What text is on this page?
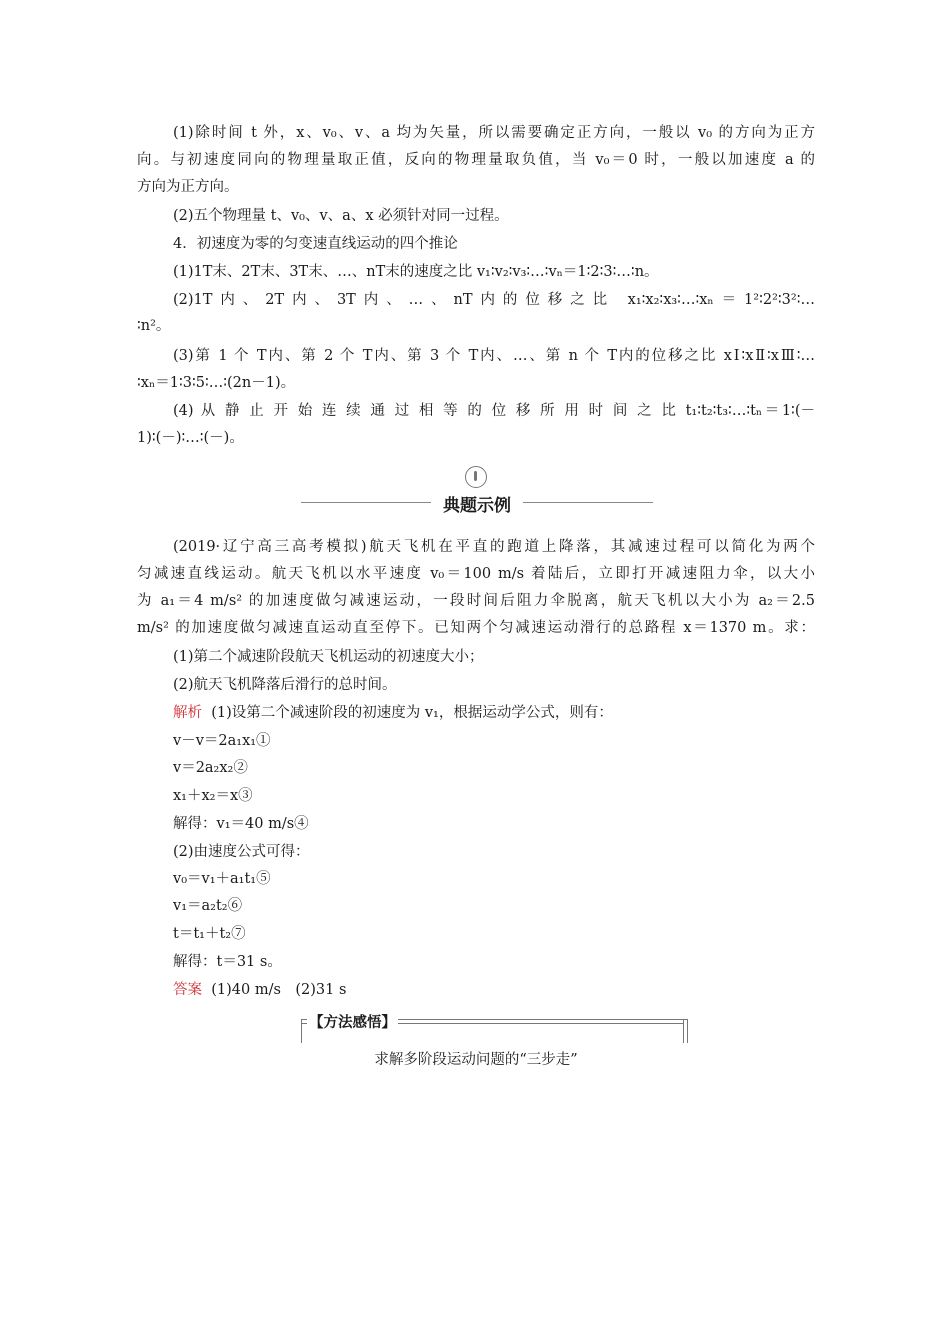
(1)除时间 t 外，x、v₀、v、a 均为矢量，所以需要确定正方向，一般以 v₀ 的方向为正方
向。与初速度同向的物理量取正值，反向的物理量取负值，当 v₀＝0 时，一般以加速度 a 的
方向为正方向。
(2)五个物理量 t、v₀、v、a、x 必须针对同一过程。
4．初速度为零的匀变速直线运动的四个推论
(1)1T末、2T末、3T末、…、nT末的速度之比 v₁∶v₂∶v₃∶…∶vₙ＝1∶2∶3∶…∶n。
(2)1T内、2T内、3T内、…、nT内的位移之比 x₁∶x₂∶x₃∶…∶xₙ＝1²∶2²∶3²∶…
∶n²。
(3)第 1 个 T内、第 2 个 T内、第 3 个 T内、…、第 n 个 T内的位移之比 xⅠ∶xⅡ∶xⅢ∶…
∶xₙ＝1∶3∶5∶…∶(2n－1)。
(4) 从 静 止 开 始 连 续 通 过 相 等 的 位 移 所 用 时 间 之 比 t₁∶t₂∶t₃∶…∶tₙ＝1∶(－
1)∶(－)∶…∶(－)。
典题示例
(2019·辽宁高三高考模拟)航天飞机在平直的跑道上降落，其减速过程可以简化为两个
匀减速直线运动。航天飞机以水平速度 v₀＝100 m/s 着陆后，立即打开减速阻力伞，以大小
为 a₁＝4 m/s² 的加速度做匀减速运动，一段时间后阻力伞脱离，航天飞机以大小为 a₂＝2.5
m/s² 的加速度做匀减速直运动直至停下。已知两个匀减速运动滑行的总路程 x＝1370 m。求：
(1)第二个减速阶段航天飞机运动的初速度大小；
(2)航天飞机降落后滑行的总时间。
解析 (1)设第二个减速阶段的初速度为 v₁，根据运动学公式，则有：
v－v＝2a₁x₁①
v＝2a₂x₂②
x₁＋x₂＝x③
解得：v₁＝40 m/s④
(2)由速度公式可得：
v₀＝v₁＋a₁t₁⑤
v₁＝a₂t₂⑥
t＝t₁＋t₂⑦
解得：t＝31 s。
答案 (1)40 m/s　(2)31 s
【方法感悟】
求解多阶段运动问题的“三步走”
